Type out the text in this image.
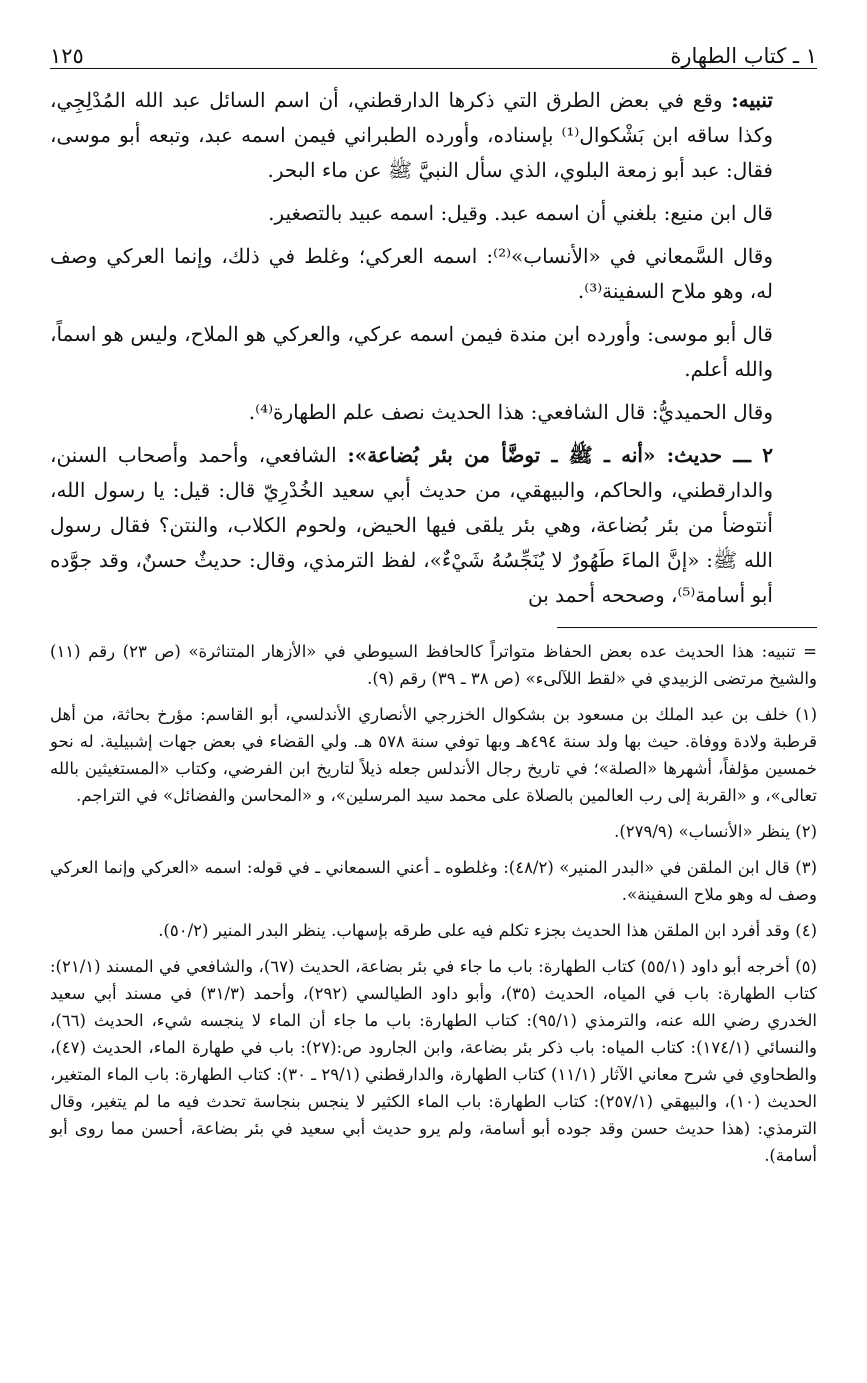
١ ـ كتاب الطهارة
١٢٥

تنبيه: وقع في بعض الطرق التي ذكرها الدارقطني، أن اسم السائل عبد الله المُدْلِجِي، وكذا ساقه ابن بَشْكوال⁽¹⁾ بإسناده، وأورده الطبراني فيمن اسمه عبد، وتبعه أبو موسى، فقال: عبد أبو زمعة البلوي، الذي سأل النبيَّ ﷺ عن ماء البحر.

قال ابن منيع: بلغني أن اسمه عبد. وقيل: اسمه عبيد بالتصغير.

وقال السَّمعاني في «الأنساب»⁽²⁾: اسمه العركي؛ وغلط في ذلك، وإنما العركي وصف له، وهو ملاح السفينة⁽³⁾.

قال أبو موسى: وأورده ابن مندة فيمن اسمه عركي، والعركي هو الملاح، وليس هو اسماً، والله أعلم.

وقال الحميديُّ: قال الشافعي: هذا الحديث نصف علم الطهارة⁽⁴⁾.

٢ ـــ حديث: «أنه ـ ﷺ ـ توضَّأ من بئر بُضاعة»: الشافعي، وأحمد وأصحاب السنن، والدارقطني، والحاكم، والبيهقي، من حديث أبي سعيد الخُدْرِيّ قال: قيل: يا رسول الله، أنتوضأ من بئر بُضاعة، وهي بئر يلقى فيها الحيض، ولحوم الكلاب، والنتن؟ فقال رسول الله ﷺ: «إنَّ الماءَ طَهُورٌ لا يُنَجِّسُهُ شَيْءٌ»، لفظ الترمذي، وقال: حديثٌ حسنٌ، وقد جوَّده أبو أسامة⁽⁵⁾، وصححه أحمد بن

= تنبيه: هذا الحديث عده بعض الحفاظ متواتراً كالحافظ السيوطي في «الأزهار المتناثرة» (ص ٢٣) رقم (١١) والشيخ مرتضى الزبيدي في «لقط اللآلىء» (ص ٣٨ ـ ٣٩) رقم (٩).

(١) خلف بن عبد الملك بن مسعود بن بشكوال الخزرجي الأنصاري الأندلسي، أبو القاسم: مؤرخ بحاثة، من أهل قرطبة ولادة ووفاة. حيث بها ولد سنة ٤٩٤هـ وبها توفي سنة ٥٧٨ هـ. ولي القضاء في بعض جهات إشبيلية. له نحو خمسين مؤلفاً، أشهرها «الصلة»؛ في تاريخ رجال الأندلس جعله ذيلاً لتاريخ ابن الفرضي، وكتاب «المستغيثين بالله تعالى»، و «القربة إلى رب العالمين بالصلاة على محمد سيد المرسلين»، و «المحاسن والفضائل» في التراجم.

(٢) ينظر «الأنساب» (٢٧٩/٩).

(٣) قال ابن الملقن في «البدر المنير» (٤٨/٢): وغلطوه ـ أعني السمعاني ـ في قوله: اسمه «العركي وإنما العركي وصف له وهو ملاح السفينة».

(٤) وقد أفرد ابن الملقن هذا الحديث بجزء تكلم فيه على طرقه بإسهاب. ينظر البدر المنير (٥٠/٢).

(٥) أخرجه أبو داود (٥٥/١) كتاب الطهارة: باب ما جاء في بئر بضاعة، الحديث (٦٧)، والشافعي في المسند (٢١/١): كتاب الطهارة: باب في المياه، الحديث (٣٥)، وأبو داود الطيالسي (٢٩٢)، وأحمد (٣١/٣) في مسند أبي سعيد الخدري رضي الله عنه، والترمذي (٩٥/١): كتاب الطهارة: باب ما جاء أن الماء لا ينجسه شيء، الحديث (٦٦)، والنسائي (١٧٤/١): كتاب المياه: باب ذكر بئر بضاعة، وابن الجارود ص:(٢٧): باب في طهارة الماء، الحديث (٤٧)، والطحاوي في شرح معاني الآثار (١١/١) كتاب الطهارة، والدارقطني (٢٩/١ ـ ٣٠): كتاب الطهارة: باب الماء المتغير، الحديث (١٠)، والبيهقي (٢٥٧/١): كتاب الطهارة: باب الماء الكثير لا ينجس بنجاسة تحدث فيه ما لم يتغير، وقال الترمذي: (هذا حديث حسن وقد جوده أبو أسامة، ولم يرو حديث أبي سعيد في بئر بضاعة، أحسن مما روى أبو أسامة).
